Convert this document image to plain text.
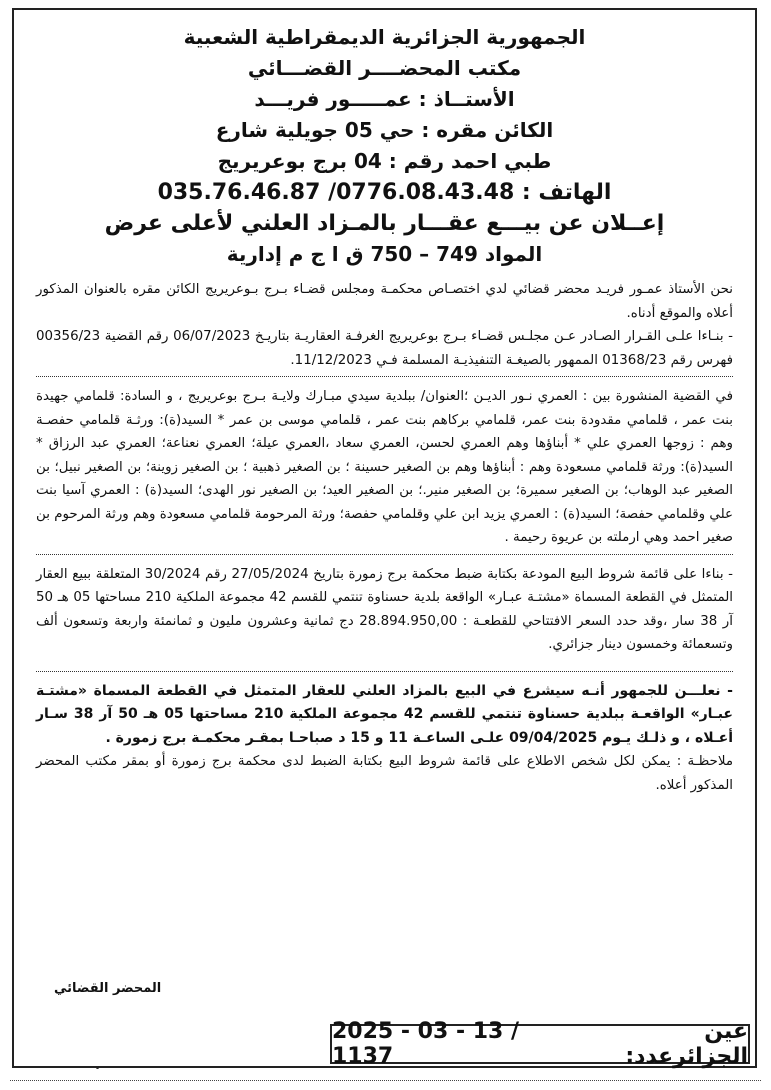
الجمهورية الجزائرية الديمقراطية الشعبية
مكتب المحضــــر القضـــائي
الأستــاذ : عمـــــور فريـــد
الكائن مقره : حي 05 جويلية شارع
طبي احمد رقم : 04 برج بوعريريج
الهاتف : 0776.08.43.48/ 035.76.46.87
إعــلان عن بيـــع عقـــار بالمـزاد العلني لأعلى عرض
المواد 749 – 750 ق ا ج م إدارية

نحن الأستاذ عمـور فريـد محضر قضائي لدي اختصـاص محكمـة ومجلس قضـاء بـرج بـوعريريج الكائن مقره بالعنوان المذكور أعلاه والموقع أدناه.

- بنـاءا علـى القـرار الصـادر عـن مجلـس قضـاء بـرج بوعريريج الغرفـة العقاريـة بتاريـخ 06/07/2023 رقم القضية 00356/23 فهرس رقم 01368/23 الممهور بالصيغـة التنفيذيـة المسلمة فـي 11/12/2023.

في القضية المنشورة بين : العمري نـور الديـن ؛العنوان/ ببلدية سيدي مبـارك ولايـة بـرج بوعريريج ، و السادة: قلمامي جهيدة بنت عمر ، قلمامي مقدودة بنت عمر، قلمامي بركاهم بنت عمر ، قلمامي موسى بن عمر * السيد(ة): ورثـة قلمامي حفصـة وهم : زوجها العمري علي * أبناؤها وهم العمري لحسن، العمري سعاد ،العمري عيلة؛ العمري نعناعة؛ العمري عبد الرزاق * السيد(ة): ورثة قلمامي مسعودة وهم : أبناؤها وهم بن الصغير حسينة ؛ بن الصغير ذهبية ؛ بن الصغير زوينة؛ بن الصغير نبيل؛ بن الصغير عبد الوهاب؛ بن الصغير سميرة؛ بن الصغير منير.؛ بن الصغير العيد؛ بن الصغير نور الهدى؛ السيد(ة) : العمري آسيا بنت علي وقلمامي حفصة؛ السيد(ة) : العمري يزيد ابن علي وقلمامي حفصة؛ ورثة المرحومة قلمامي مسعودة وهم ورثة المرحوم بن صغير احمد وهي ارملته بن عريوة رحيمة .

- بناءا على قائمة شروط البيع المودعة بكتابة ضبط محكمة برج زمورة بتاريخ 27/05/2024 رقم 30/2024 المتعلقة ببيع العقار المتمثل في القطعة المسماة «مشتـة عبـار» الواقعة بلدية حسناوة تنتمي للقسم 42 مجموعة الملكية 210 مساحتها 05 هـ 50 آر 38 سار ،وقد حدد السعر الافتتاحي للقطعـة : 28.894.950,00 دج ثمانية وعشرون مليون و ثمانمئة واربعة وتسعون ألف وتسعمائة وخمسون دينار جزائري.

- نعلـــن للجمهور أنـه سيشرع في البيع بالمزاد العلني للعقار المتمثل في القطعة المسماة «مشتـة عبـار» الواقعـة ببلدية حسناوة تنتمي للقسم 42 مجموعة الملكية 210 مساحتها 05 هـ 50 آر 38 سـار أعـلاه ، و ذلـك يـوم 09/04/2025 علـى الساعـة 11 و 15 د صباحـا بمقـر محكمـة برج زمورة .

ملاحظـة : يمكن لكل شخص الاطلاع على قائمة شروط البيع بكتابة الضبط لدى محكمة برج زمورة أو بمقر مكتب المحضر المذكور أعلاه.

المحضر القضائي
عين الجزائرعدد:
2025 - 03 - 13 / 1137
